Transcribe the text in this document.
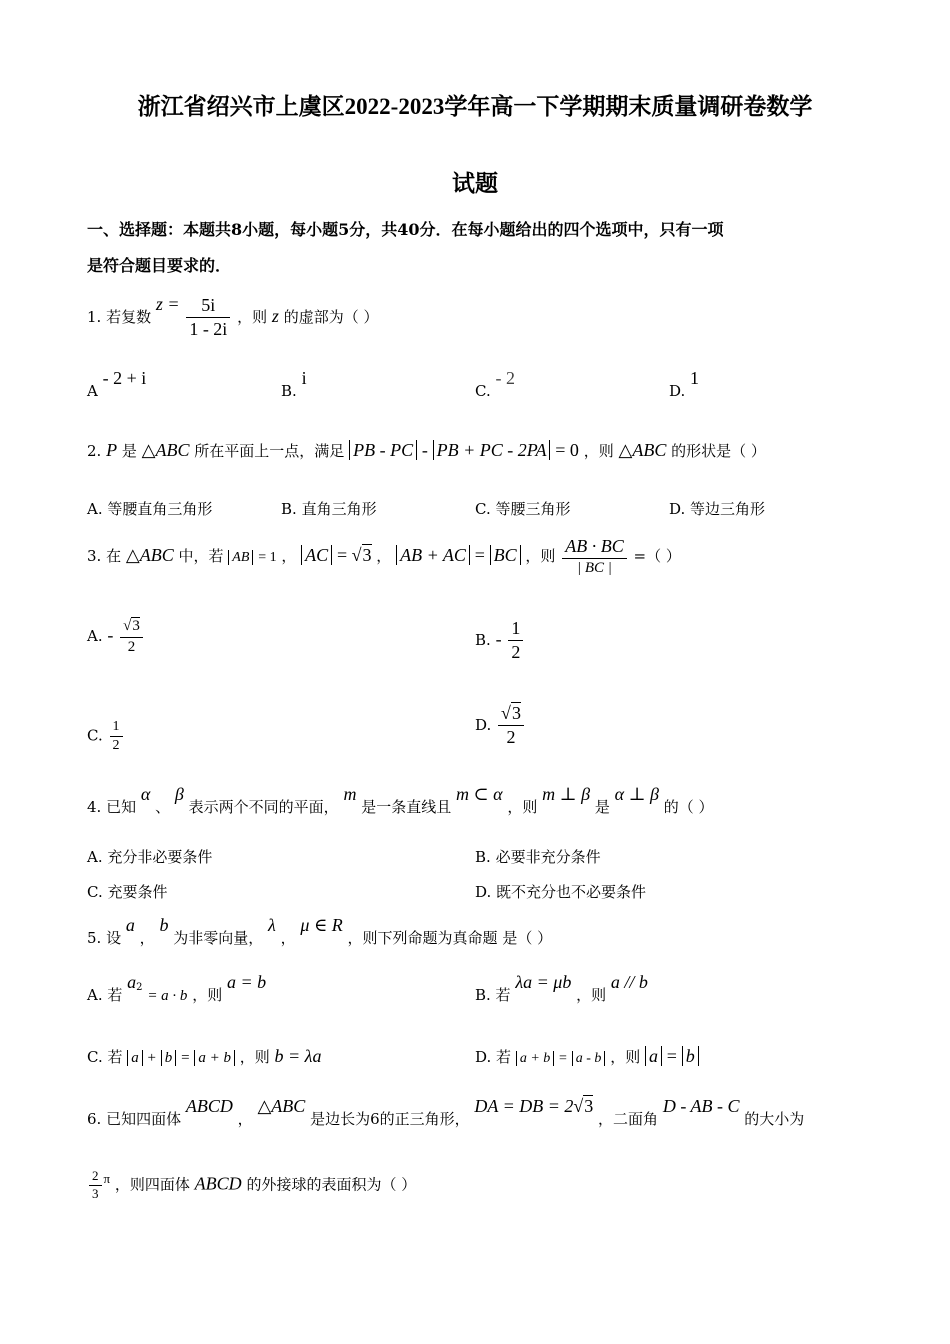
浙江省绍兴市上虞区2022-2023学年高一下学期期末质量调研卷数学
试题
一、选择题：本题共8小题，每小题5分，共40分．在每小题给出的四个选项中，只有一项
是符合题目要求的．
1. 若复数 $z = \frac{5i}{1 - 2i}$ ，则 z 的虚部为（ ）
A - 2 + i
B. i
C. - 2
D. 1
2. P 是 △ABC 所在平面上一点，满足 PB - PC - PB + PC - 2PA = 0 ，则 △ABC 的形状是（ ）
A. 等腰直角三角形	B. 直角三角形	C. 等腰三角形	D. 等边三角形
3. 在 △ABC 中，若 AB = 1 ， AC = √3 ， AB + AC = BC ，则 $\frac{AB \cdot BC}{| BC |}$ =（ ）
A. - $\frac{√3}{2}$	B. - $\frac{1}{2}$
C. $\frac{1}{2}$	D. $\frac{√3}{2}$
4. 已知 α 、 β 表示两个不同的平面， m 是一条直线且 m ⊂ α ，则 m ⊥ β 是 α ⊥ β 的（ ）
A. 充分非必要条件	B. 必要非充分条件
C. 充要条件	D. 既不充分也不必要条件
5. 设 a ， b 为非零向量， λ ， μ ∈ R ，则下列命题为真命题 是（ ）
A. 若 $a^2 = a \cdot b$ ，则 a = b
B. 若 λa = μb ，则 a // b
C. 若 a + b = a + b ，则 b = λa	D. 若 a + b = a - b ，则 a = b
6. 已知四面体 ABCD ， △ABC 是边长为6的正三角形， DA = DB = 2√3 ，二面角 D - AB - C 的大小为
$\frac{2}{3}$ π ，则四面体 ABCD 的外接球的表面积为（ ）
